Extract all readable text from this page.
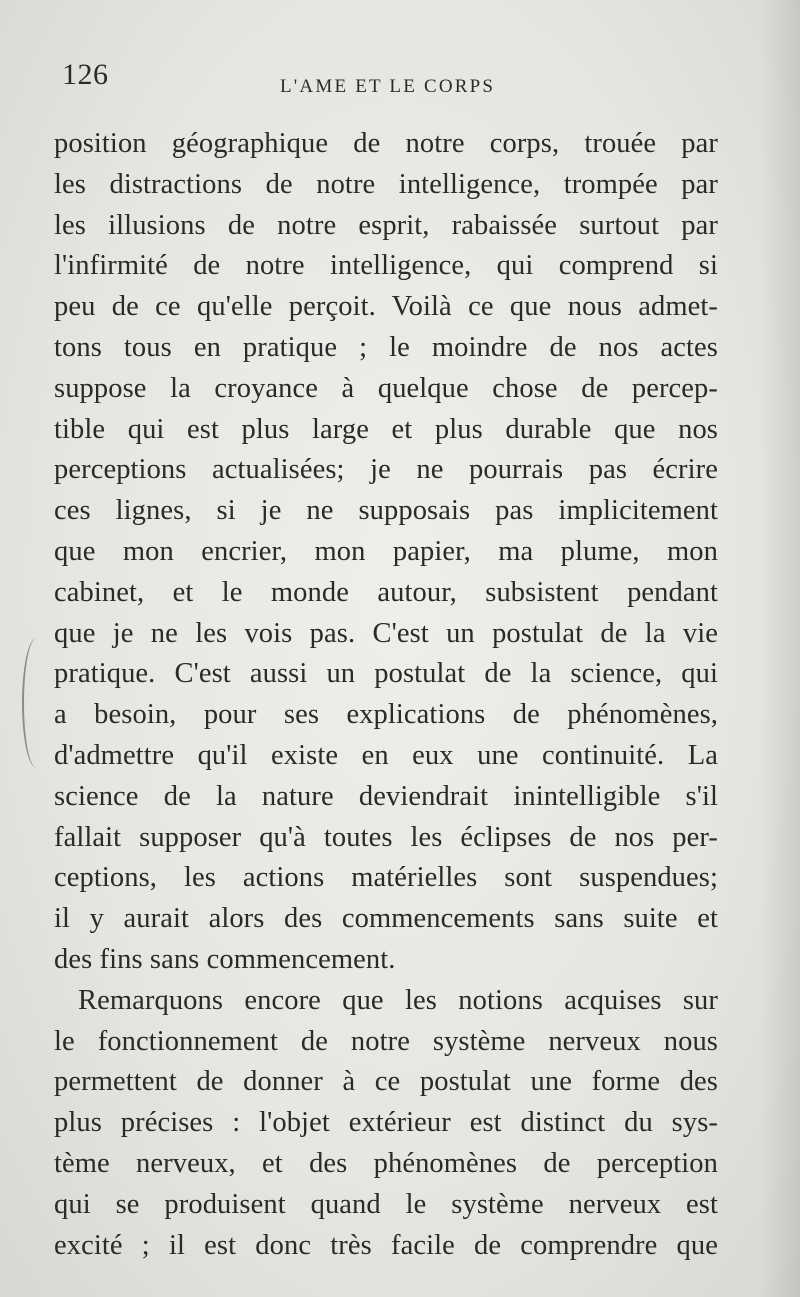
126	L'AME ET LE CORPS
position géographique de notre corps, trouée par
les distractions de notre intelligence, trompée par
les illusions de notre esprit, rabaissée surtout par
l'infirmité de notre intelligence, qui comprend si
peu de ce qu'elle perçoit. Voilà ce que nous admet-
tons tous en pratique ; le moindre de nos actes
suppose la croyance à quelque chose de percep-
tible qui est plus large et plus durable que nos
perceptions actualisées; je ne pourrais pas écrire
ces lignes, si je ne supposais pas implicitement
que mon encrier, mon papier, ma plume, mon
cabinet, et le monde autour, subsistent pendant
que je ne les vois pas. C'est un postulat de la vie
pratique. C'est aussi un postulat de la science, qui
a besoin, pour ses explications de phénomènes,
d'admettre qu'il existe en eux une continuité. La
science de la nature deviendrait inintelligible s'il
fallait supposer qu'à toutes les éclipses de nos per-
ceptions, les actions matérielles sont suspendues;
il y aurait alors des commencements sans suite et
des fins sans commencement.
Remarquons encore que les notions acquises sur
le fonctionnement de notre système nerveux nous
permettent de donner à ce postulat une forme des
plus précises : l'objet extérieur est distinct du sys-
tème nerveux, et des phénomènes de perception
qui se produisent quand le système nerveux est
excité ; il est donc très facile de comprendre que
